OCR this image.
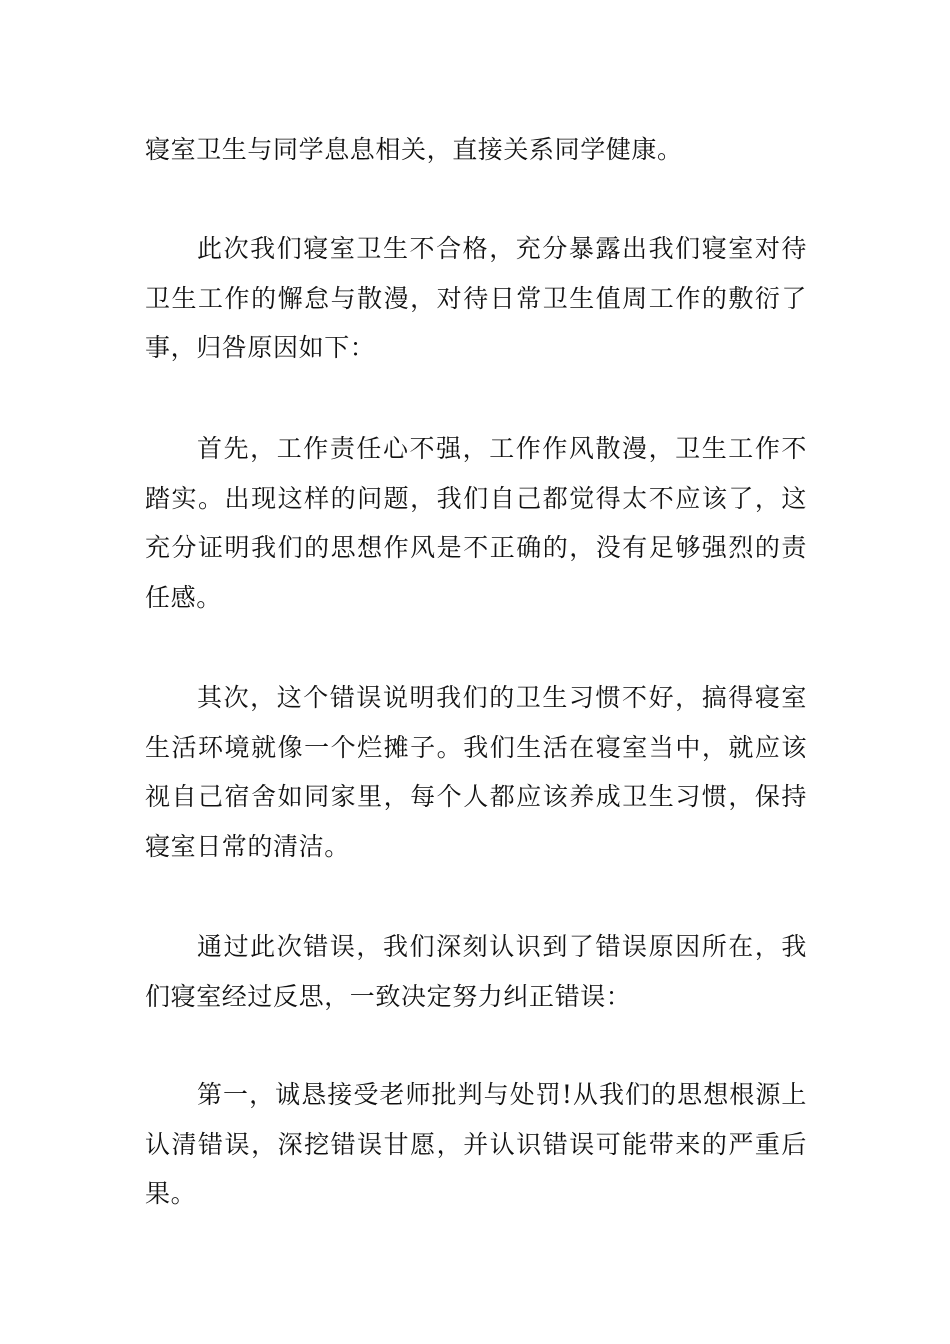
寝室卫生与同学息息相关，直接关系同学健康。

此次我们寝室卫生不合格，充分暴露出我们寝室对待卫生工作的懈怠与散漫，对待日常卫生值周工作的敷衍了事，归咎原因如下：

首先，工作责任心不强，工作作风散漫，卫生工作不踏实。出现这样的问题，我们自己都觉得太不应该了，这充分证明我们的思想作风是不正确的，没有足够强烈的责任感。

其次，这个错误说明我们的卫生习惯不好，搞得寝室生活环境就像一个烂摊子。我们生活在寝室当中，就应该视自己宿舍如同家里，每个人都应该养成卫生习惯，保持寝室日常的清洁。

通过此次错误，我们深刻认识到了错误原因所在，我们寝室经过反思，一致决定努力纠正错误：

第一，诚恳接受老师批判与处罚!从我们的思想根源上认清错误，深挖错误甘愿，并认识错误可能带来的严重后果。
